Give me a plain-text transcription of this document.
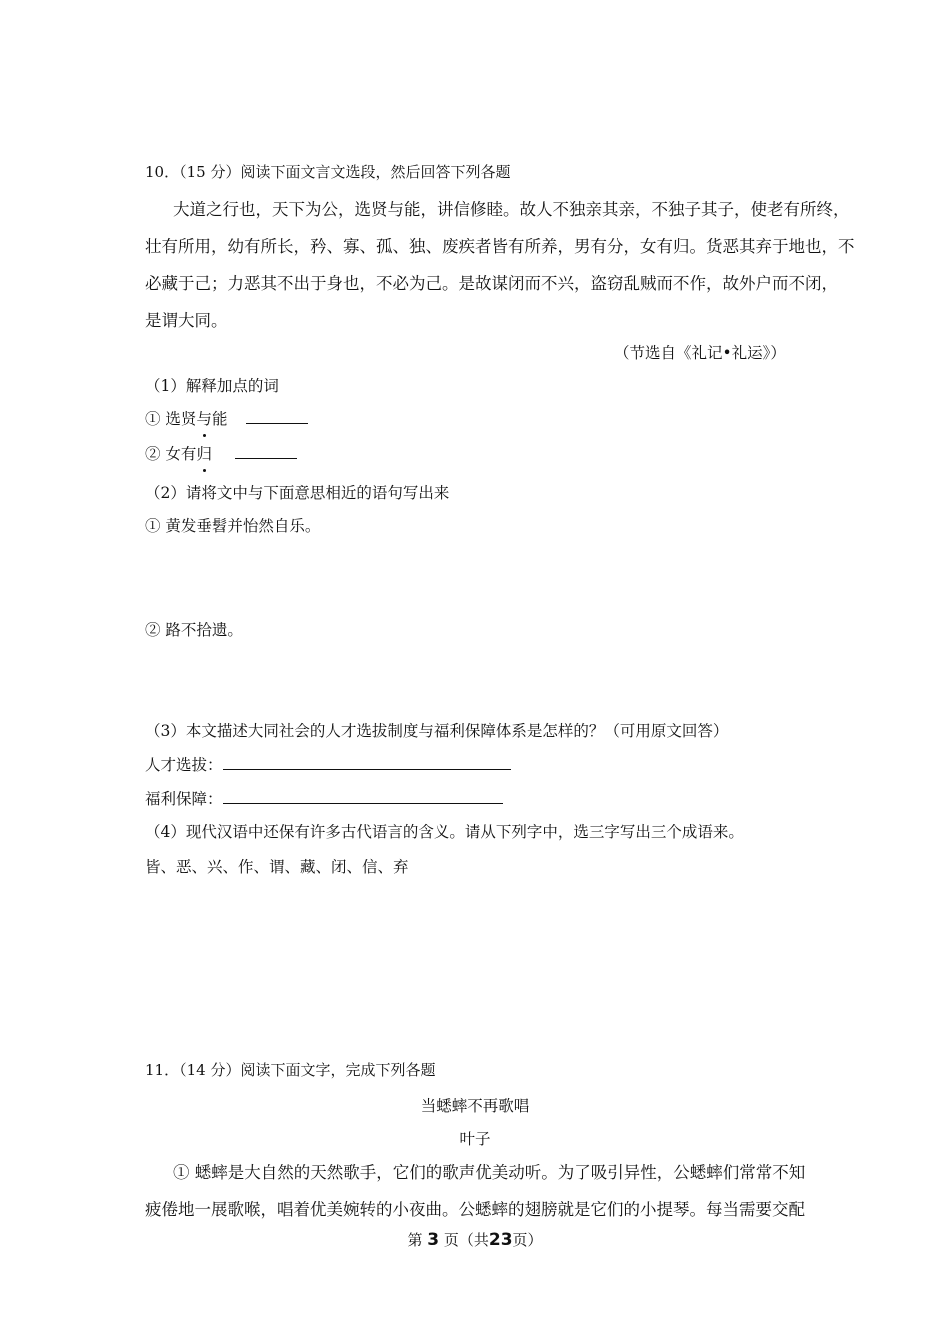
10．（15 分）阅读下面文言文选段，然后回答下列各题
大道之行也，天下为公，选贤与能，讲信修睦。故人不独亲其亲，不独子其子，使老有所终，
壮有所用，幼有所长，矜、寡、孤、独、废疾者皆有所养，男有分，女有归。货恶其弃于地也，不
必藏于己；力恶其不出于身也，不必为己。是故谋闭而不兴，盗窃乱贼而不作，故外户而不闭，
是谓大同。
（节选自《礼记•礼运》）
（1）解释加点的词
① 选贤与
能
② 女有归

（2）请将文中与下面意思相近的语句写出来
① 黄发垂髫并怡然自乐。
② 路不拾遗。
（3）本文描述大同社会的人才选拔制度与福利保障体系是怎样的？（可用原文回答）
人才选拔：
福利保障：
（4）现代汉语中还保有许多古代语言的含义。请从下列字中，选三字写出三个成语来。
皆、恶、兴、作、谓、藏、闭、信、弃
11．（14 分）阅读下面文字，完成下列各题
当蟋蟀不再歌唱
叶子
① 蟋蟀是大自然的天然歌手，它们的歌声优美动听。为了吸引异性，公蟋蟀们常常不知
疲倦地一展歌喉，唱着优美婉转的小夜曲。公蟋蟀的翅膀就是它们的小提琴。每当需要交配
第 3 页（共23页）
